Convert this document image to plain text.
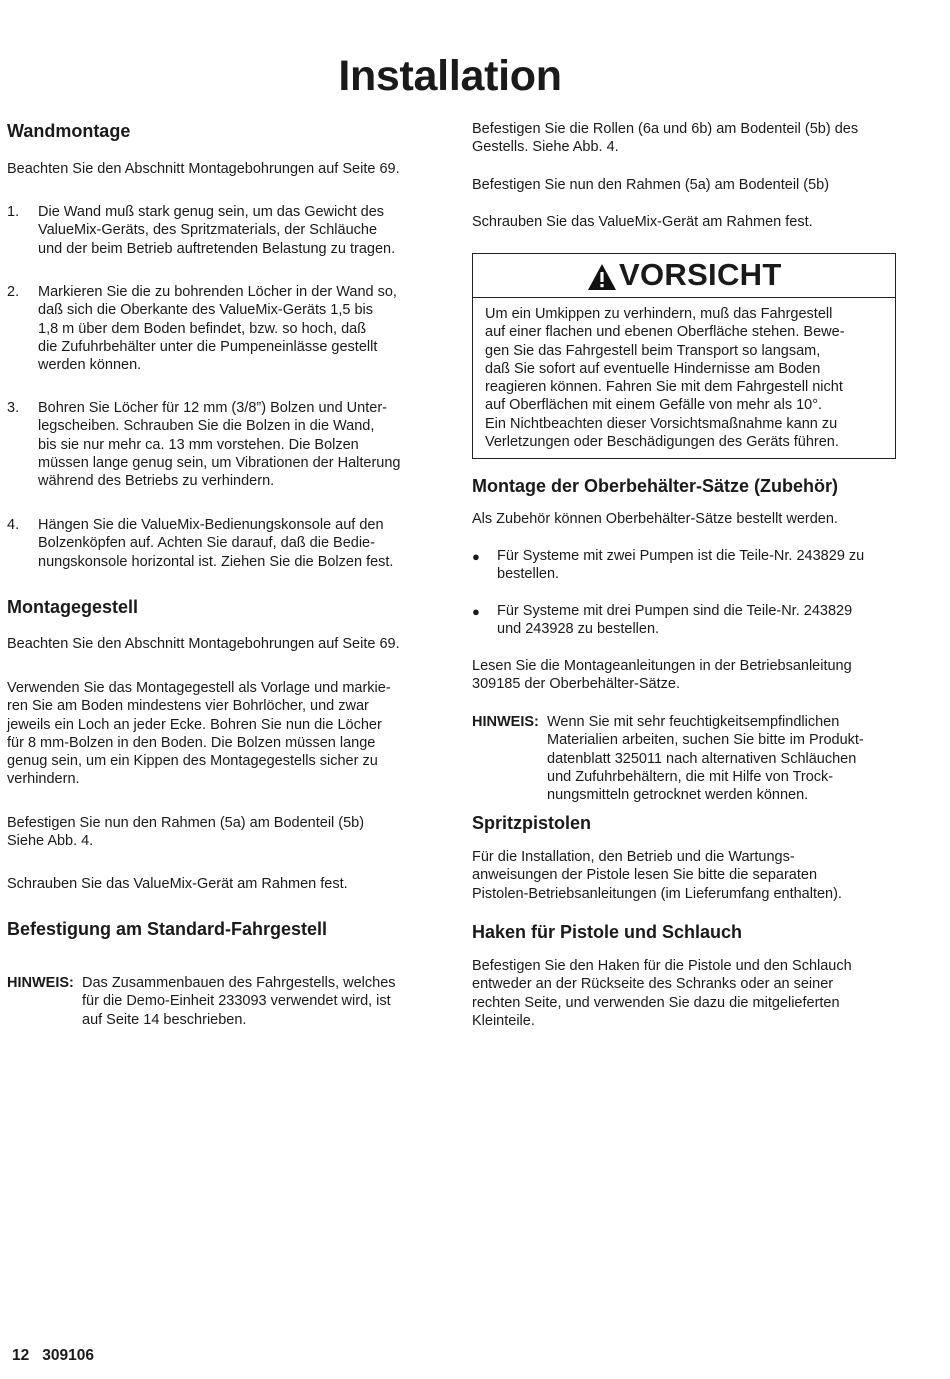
Installation
Wandmontage

Beachten Sie den Abschnitt Montagebohrungen auf Seite 69.

1. Die Wand muß stark genug sein, um das Gewicht des
ValueMix-Geräts, des Spritzmaterials, der Schläuche
und der beim Betrieb auftretenden Belastung zu tragen.
2. Markieren Sie die zu bohrenden Löcher in der Wand so,
daß sich die Oberkante des ValueMix-Geräts 1,5 bis
1,8 m über dem Boden befindet, bzw. so hoch, daß
die Zufuhrbehälter unter die Pumpeneinlässe gestellt
werden können.
3. Bohren Sie Löcher für 12 mm (3/8”) Bolzen und Unter-
legscheiben. Schrauben Sie die Bolzen in die Wand,
bis sie nur mehr ca. 13 mm vorstehen. Die Bolzen
müssen lange genug sein, um Vibrationen der Halterung
während des Betriebs zu verhindern.
4. Hängen Sie die ValueMix-Bedienungskonsole auf den
Bolzenköpfen auf. Achten Sie darauf, daß die Bedie-
nungskonsole horizontal ist. Ziehen Sie die Bolzen fest.
Montagegestell

Beachten Sie den Abschnitt Montagebohrungen auf Seite 69.

Verwenden Sie das Montagegestell als Vorlage und markie-
ren Sie am Boden mindestens vier Bohrlöcher, und zwar
jeweils ein Loch an jeder Ecke. Bohren Sie nun die Löcher
für 8 mm-Bolzen in den Boden. Die Bolzen müssen lange
genug sein, um ein Kippen des Montagegestells sicher zu
verhindern.

Befestigen Sie nun den Rahmen (5a) am Bodenteil (5b)
Siehe Abb. 4.

Schrauben Sie das ValueMix-Gerät am Rahmen fest.

Befestigung am Standard-Fahrgestell
HINWEIS: Das Zusammenbauen des Fahrgestells, welches
für die Demo-Einheit 233093 verwendet wird, ist
auf Seite 14 beschrieben.

Befestigen Sie die Rollen (6a und 6b) am Bodenteil (5b) des
Gestells. Siehe Abb. 4.

Befestigen Sie nun den Rahmen (5a) am Bodenteil (5b)

Schrauben Sie das ValueMix-Gerät am Rahmen fest.

VORSICHT

Um ein Umkippen zu verhindern, muß das Fahrgestell
auf einer flachen und ebenen Oberfläche stehen. Bewe-
gen Sie das Fahrgestell beim Transport so langsam,
daß Sie sofort auf eventuelle Hindernisse am Boden
reagieren können. Fahren Sie mit dem Fahrgestell nicht
auf Oberflächen mit einem Gefälle von mehr als 10°.
Ein Nichtbeachten dieser Vorsichtsmaßnahme kann zu
Verletzungen oder Beschädigungen des Geräts führen.

Montage der Oberbehälter-Sätze (Zubehör)

Als Zubehör können Oberbehälter-Sätze bestellt werden.

● Für Systeme mit zwei Pumpen ist die Teile-Nr. 243829 zu
bestellen.
● Für Systeme mit drei Pumpen sind die Teile-Nr. 243829
und 243928 zu bestellen.

Lesen Sie die Montageanleitungen in der Betriebsanleitung
309185 der Oberbehälter-Sätze.

HINWEIS: Wenn Sie mit sehr feuchtigkeitsempfindlichen
Materialien arbeiten, suchen Sie bitte im Produkt-
datenblatt 325011 nach alternativen Schläuchen
und Zufuhrbehältern, die mit Hilfe von Trock-
nungsmitteln getrocknet werden können.
Spritzpistolen

Für die Installation, den Betrieb und die Wartungs-
anweisungen der Pistole lesen Sie bitte die separaten
Pistolen-Betriebsanleitungen (im Lieferumfang enthalten).

Haken für Pistole und Schlauch

Befestigen Sie den Haken für die Pistole und den Schlauch
entweder an der Rückseite des Schranks oder an seiner
rechten Seite, und verwenden Sie dazu die mitgelieferten
Kleinteile.

12 309106
